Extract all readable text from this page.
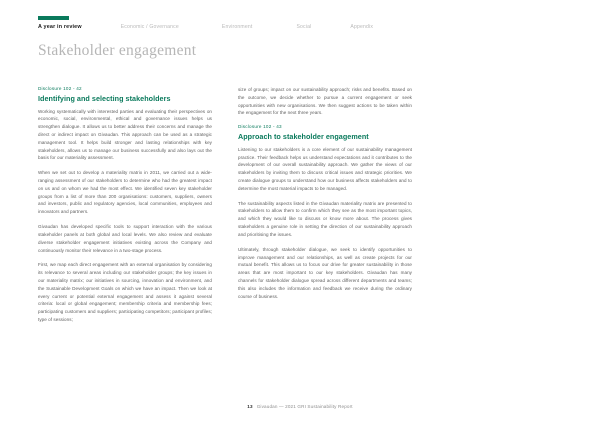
A year in review	Economic / Governance	Environment	Social	Appendix
Stakeholder engagement
Disclosure 102 - 42
Identifying and selecting stakeholders

Working systematically with interested parties and evaluating their perspectives on economic, social, environmental, ethical and governance issues helps us strengthen dialogue. It allows us to better address their concerns and manage the direct or indirect impact on Givaudan. This approach can be used as a strategic management tool. It helps build stronger and lasting relationships with key stakeholders, allows us to manage our business successfully and also lays out the basis for our materiality assessment.

When we set out to develop a materiality matrix in 2011, we carried out a wide-ranging assessment of our stakeholders to determine who had the greatest impact on us and on whom we had the most effect. We identified seven key stakeholder groups from a list of more than 200 organisations: customers, suppliers, owners and investors, public and regulatory agencies, local communities, employees and innovators and partners.

Givaudan has developed specific tools to support interaction with the various stakeholder panels at both global and local levels. We also review and evaluate diverse stakeholder engagement initiatives existing across the Company and continuously monitor their relevance in a two-stage process.

First, we map each direct engagement with an external organisation by considering its relevance to several areas including our stakeholder groups; the key issues in our materiality matrix; our initiatives in sourcing, innovation and environment, and the Sustainable Development Goals on which we have an impact. Then we look at every current or potential external engagement and assess it against several criteria: local or global engagement; membership criteria and membership fees; participating customers and suppliers; participating competitors; participant profiles; type of sessions;

size of groups; impact on our sustainability approach; risks and benefits. Based on the outcome, we decide whether to pursue a current engagement or seek opportunities with new organisations. We then suggest actions to be taken within the engagement for the next three years.

Disclosure 102 - 43
Approach to stakeholder engagement

Listening to our stakeholders is a core element of our sustainability management practice. Their feedback helps us understand expectations and it contributes to the development of our overall sustainability approach. We gather the views of our stakeholders by inviting them to discuss critical issues and strategic priorities. We create dialogue groups to understand how our business affects stakeholders and to determine the most material impacts to be managed.

The sustainability aspects listed in the Givaudan materiality matrix are presented to stakeholders to allow them to confirm which they see as the most important topics, and which they would like to discuss or know more about. The process gives stakeholders a genuine role in setting the direction of our sustainability approach and prioritising the issues.

Ultimately, through stakeholder dialogue, we seek to identify opportunities to improve management and our relationships, as well as create projects for our mutual benefit. This allows us to focus our drive for greater sustainability in those areas that are most important to our key stakeholders. Givaudan has many channels for stakeholder dialogue spread across different departments and teams; this also includes the information and feedback we receive during the ordinary course of business.

13 Givaudan — 2021 GRI Sustainability Report
